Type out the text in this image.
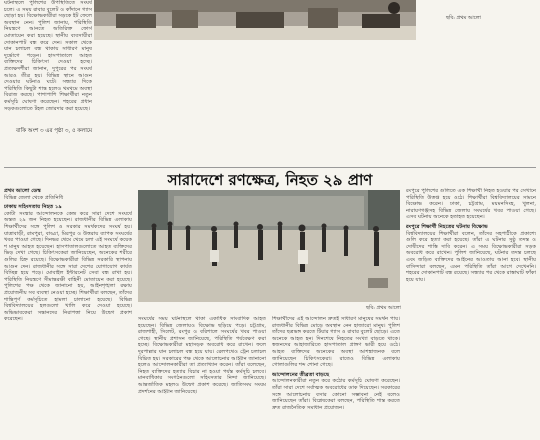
ঘটনাস্থলে পুলিশের উপস্থিতিতে সংঘর্ষ চলে। এ সময় রাবার বুলেট ও কাঁদানে গ্যাস ছোড়া হয়। বিক্ষোভকারীরা সড়কে ইট ফেলে অবস্থান নেন। পুলিশ জানায়, পরিস্থিতি নিয়ন্ত্রণে আনতে অতিরিক্ত ফোর্স মোতায়েন করা হয়েছে। স্থানীয় ব্যবসায়ীরা দোকানপাট বন্ধ করে দেন। সকাল থেকে যান চলাচল বন্ধ থাকায় সাধারণ মানুষ দুর্ভোগে পড়েন। হাসপাতালে আহত ব্যক্তিদের চিকিৎসা দেওয়া হচ্ছে। প্রত্যক্ষদর্শীরা জানান, দুপুরের পর সংঘর্ষ আরও তীব্র হয়। বিভিন্ন স্থানে আগুন দেওয়ার ঘটনাও ঘটে। সন্ধ্যার দিকে পরিস্থিতি কিছুটা শান্ত হলেও থমথমে অবস্থা বিরাজ করছে। পাশাপাশি শিক্ষার্থীরা নতুন কর্মসূচি ঘোষণা করেছেন। শহরের প্রধান সড়কগুলোতে টহল জোরদার করা হয়েছে।
ছবি: প্রথম আলো
বাকি অংশ ৩ এর পৃষ্ঠা ৩, ৫ কলামে
সারাদেশে রণক্ষেত্র, নিহত ২৯ প্রাণ
প্রথম আলো ডেস্ক
বিভিন্ন জেলা থেকে প্রতিনিধি
ঢাকায় সহিংসতায় নিহত ১৯
কোটা সংস্কার আন্দোলনকে কেন্দ্র করে সারা দেশে সংঘর্ষে অন্তত ২৯ জন নিহত হয়েছেন। রাজধানীর বিভিন্ন এলাকায় শিক্ষার্থীদের সঙ্গে পুলিশ ও সরকার সমর্থকদের সংঘর্ষ হয়। যাত্রাবাড়ী, রামপুরা, বাড্ডা, মিরপুর ও উত্তরায় ব্যাপক সংঘর্ষের খবর পাওয়া গেছে। দিনভর থেমে থেমে চলা এই সংঘর্ষে কয়েক শ মানুষ আহত হয়েছেন। হাসপাতালগুলোতে আহত ব্যক্তিদের ভিড় দেখা গেছে। চিকিৎসকেরা জানিয়েছেন, অনেকের শরীরে গুলির চিহ্ন রয়েছে। বিক্ষোভকারীরা বিভিন্ন সরকারি স্থাপনায় আগুন দেন। রাজধানীর সঙ্গে সারা দেশের যোগাযোগ কার্যত বিচ্ছিন্ন হয়ে পড়ে। মোবাইল ইন্টারনেট সেবা বন্ধ রাখা হয়। পরিস্থিতি নিয়ন্ত্রণে সীমান্তরক্ষী বাহিনী মোতায়েন করা হয়েছে। পুলিশের পক্ষ থেকে জানানো হয়, আইনশৃঙ্খলা রক্ষায় প্রয়োজনীয় সব ব্যবস্থা নেওয়া হচ্ছে। শিক্ষার্থীরা বলছেন, তাঁদের শান্তিপূর্ণ কর্মসূচিতে হামলা চালানো হয়েছে। বিভিন্ন বিশ্ববিদ্যালয়ের হলগুলো খালি করে দেওয়া হয়েছে। অভিভাবকেরা সন্তানদের নিরাপত্তা নিয়ে উদ্বেগ প্রকাশ করেছেন।
ছবি: প্রথম আলো
সংঘর্ষের সময় ঘটনাস্থলে থাকা একাধিক সাংবাদিক আহত হয়েছেন। বিভিন্ন জেলায়ও বিক্ষোভ ছড়িয়ে পড়ে। চট্টগ্রাম, রাজশাহী, সিলেট, রংপুর ও বরিশালে সংঘর্ষের খবর পাওয়া গেছে। স্থানীয় প্রশাসন জানিয়েছে, পরিস্থিতি পর্যবেক্ষণ করা হচ্ছে। বিক্ষোভকারীরা মহাসড়ক অবরোধ করে রাখেন। ফলে দূরপাল্লার যান চলাচল বন্ধ হয়ে যায়। রেলপথেও ট্রেন চলাচল বিঘ্নিত হয়। সরকারের পক্ষ থেকে আলোচনার আহ্বান জানানো হলেও আন্দোলনকারীরা তা প্রত্যাখ্যান করেন। তাঁরা বলেছেন, নিহত ব্যক্তিদের হত্যার বিচার না হওয়া পর্যন্ত কর্মসূচি চলবে। মানবাধিকার সংগঠনগুলো সহিংসতার নিন্দা জানিয়েছে। আন্তর্জাতিক মহলও উদ্বেগ প্রকাশ করেছে। জাতিসংঘ সংযম প্রদর্শনের আহ্বান জানিয়েছে।
শিক্ষার্থীদের এই আন্দোলন দ্রুতই সাধারণ মানুষের সমর্থন পায়। রাজধানীর বিভিন্ন মোড়ে অবস্থান নেন হাজারো মানুষ। পুলিশ তাঁদের ছত্রভঙ্গ করতে টিয়ার গ্যাস ও রাবার বুলেট ছোড়ে। এতে অনেকে আহত হন। দিনশেষে নিহতের সংখ্যা বাড়তে থাকে। স্বজনদের আহাজারিতে হাসপাতাল প্রাঙ্গণ ভারী হয়ে ওঠে। আহত ব্যক্তিদের অনেকের অবস্থা আশঙ্কাজনক বলে জানিয়েছেন চিকিৎসকেরা। রাতেও বিভিন্ন এলাকায় গোলাগুলির শব্দ শোনা গেছে।
আন্দোলনের তীব্রতা বাড়ছে
আন্দোলনকারীরা নতুন করে কঠোর কর্মসূচি ঘোষণা করেছেন। তাঁরা সারা দেশে সর্বাত্মক অবরোধের ডাক দিয়েছেন। সরকারের সঙ্গে আলোচনায় বসার কোনো সম্ভাবনা নেই বলেও জানিয়েছেন তাঁরা। বিশ্লেষকেরা বলছেন, পরিস্থিতি শান্ত করতে দ্রুত রাজনৈতিক সমাধান প্রয়োজন।
রংপুরে পুলিশের গুলিতে এক শিক্ষার্থী নিহত হওয়ার পর সেখানে পরিস্থিতি উত্তপ্ত হয়ে ওঠে। শিক্ষার্থীরা বিশ্ববিদ্যালয়ের সামনে বিক্ষোভ করেন। ঢাকা, চট্টগ্রাম, ময়মনসিংহ, খুলনা, নারায়ণগঞ্জসহ বিভিন্ন জেলায় সংঘর্ষের খবর পাওয়া গেছে। এসব ঘটনায় অনেকে হতাহত হয়েছেন।
রংপুরে শিক্ষার্থী নিহতের ঘটনায় বিক্ষোভ
বিশ্ববিদ্যালয়ের শিক্ষার্থীরা বলেন, তাঁদের সহপাঠীকে প্রকাশ্যে গুলি করে হত্যা করা হয়েছে। তাঁরা এ ঘটনার সুষ্ঠু তদন্ত ও দোষীদের শাস্তি দাবি করেন। এ সময় বিক্ষোভকারীরা সড়ক অবরোধ করে রাখেন। পুলিশ জানিয়েছে, ঘটনার তদন্ত চলছে এবং জড়িত ব্যক্তিদের আইনের আওতায় আনা হবে। স্থানীয় বাসিন্দারা বলছেন, এমন পরিস্থিতি তাঁরা আগে দেখেননি। শহরের দোকানপাট বন্ধ রয়েছে। সন্ধ্যার পর থেকে রাস্তাঘাট ফাঁকা হয়ে যায়।
